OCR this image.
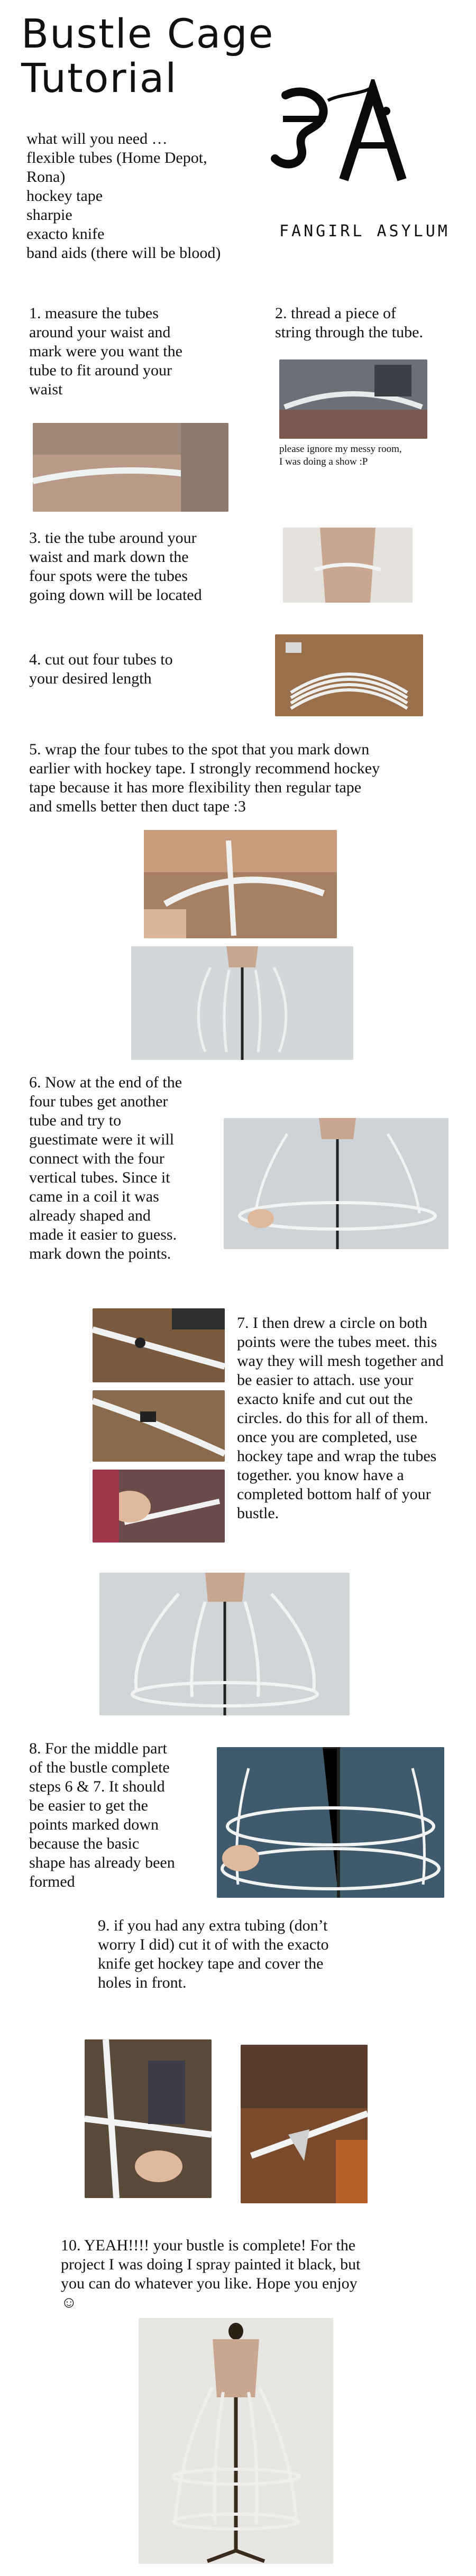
Bustle Cage
Tutorial
FANGIRL ASYLUM
what will you need …
flexible tubes (Home Depot,
Rona)
hockey tape
sharpie
exacto knife
band aids (there will be blood)
1. measure the tubes
around your waist and
mark were you want the
tube to fit around your
waist
2. thread a piece of
string through the tube.
please ignore my messy room,
I was doing a show :P
3. tie the tube around your
waist and mark down the
four spots were the tubes
going down will be located
4. cut out four tubes to
your desired length
5. wrap the four tubes to the spot that you mark down
earlier with hockey tape. I strongly recommend hockey
tape because it has more flexibility then regular tape
and smells better then duct tape :3
6. Now at the end of the
four tubes get another
tube and try to
guestimate were it will
connect with the four
vertical tubes. Since it
came in a coil it was
already shaped and
made it easier to guess.
mark down the points.
7. I then drew a circle on both
points were the tubes meet. this
way they will mesh together and
be easier to attach. use your
exacto knife and cut out the
circles. do this for all of them.
once you are completed, use
hockey tape and wrap the tubes
together. you know have a
completed bottom half of your
bustle.
8. For the middle part
of the bustle complete
steps 6 & 7. It should
be easier to get the
points marked down
because the basic
shape has already been
formed
9. if you had any extra tubing (don’t
worry I did) cut it of with the exacto
knife get hockey tape and cover the
holes in front.
10. YEAH!!!! your bustle is complete! For the
project I was doing I spray painted it black, but
you can do whatever you like. Hope you enjoy
☺
